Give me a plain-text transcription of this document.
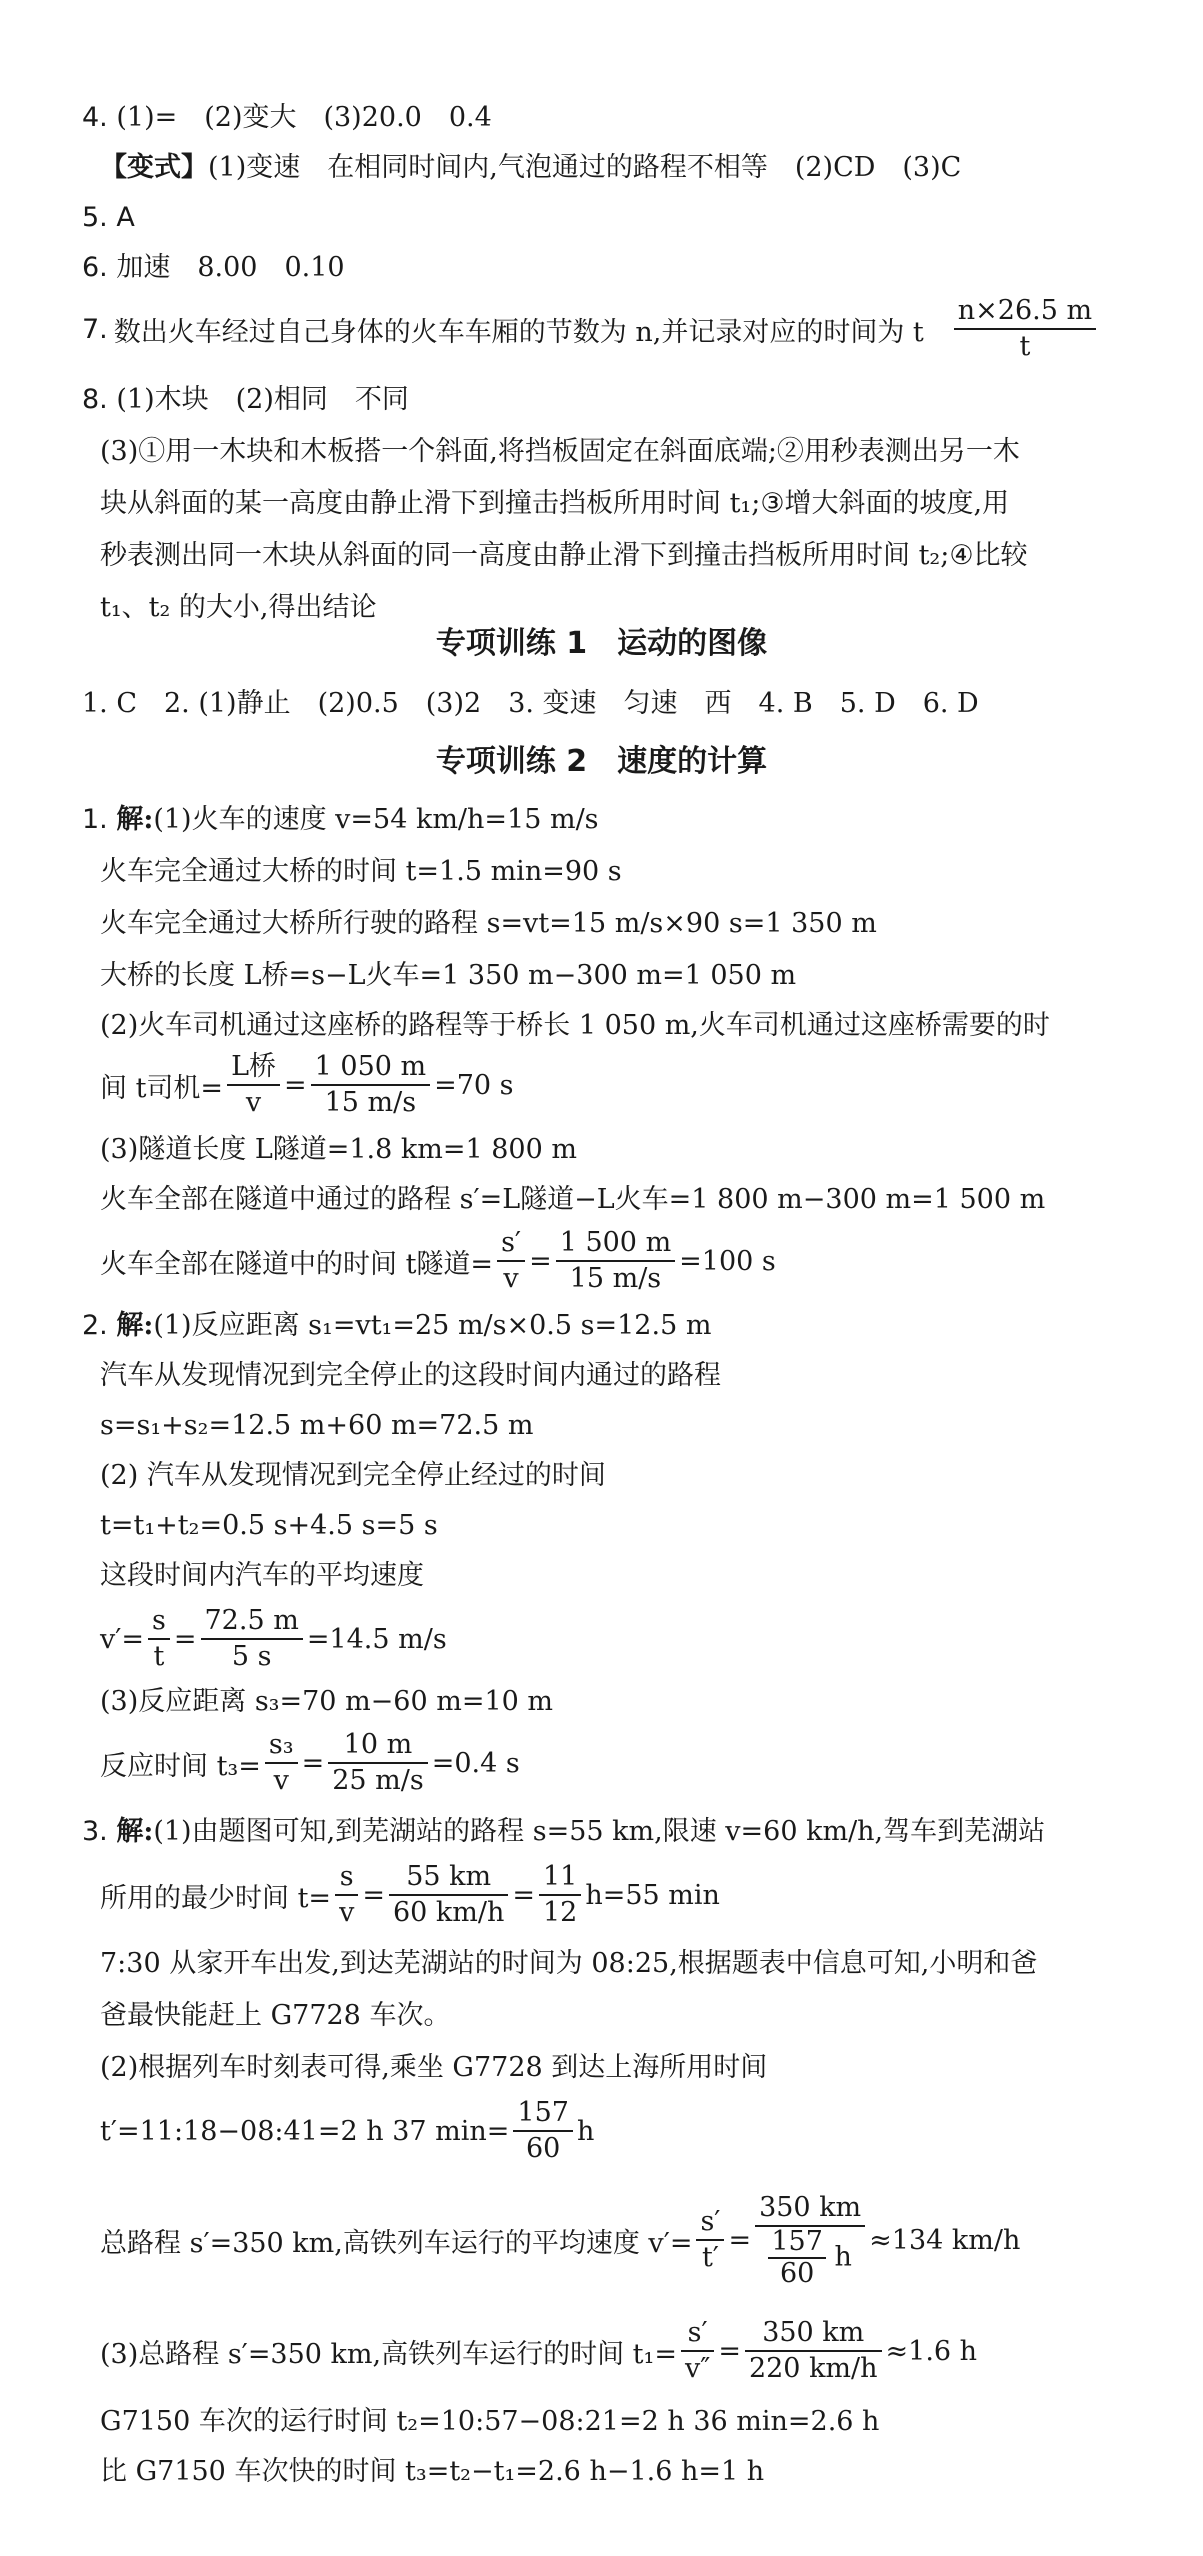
4. (1)=　(2)变大　(3)20.0　0.4
【变式】(1)变速　在相同时间内,气泡通过的路程不相等　(2)CD　(3)C
5. A
6. 加速　8.00　0.10
7. 数出火车经过自己身体的火车车厢的节数为 n,并记录对应的时间为 t $\frac{n\times 26.5 m}{t}$
8. (1)木块　(2)相同　不同
(3)①用一木块和木板搭一个斜面,将挡板固定在斜面底端;②用秒表测出另一木
块从斜面的某一高度由静止滑下到撞击挡板所用时间 t₁;③增大斜面的坡度,用
秒表测出同一木块从斜面的同一高度由静止滑下到撞击挡板所用时间 t₂;④比较
t₁、t₂ 的大小,得出结论
专项训练 1　运动的图像
1. C　2. (1)静止　(2)0.5　(3)2　3. 变速　匀速　西　4. B　5. D　6. D
专项训练 2　速度的计算
1. 解:(1)火车的速度 v=54 km/h=15 m/s
火车完全通过大桥的时间 t=1.5 min=90 s
火车完全通过大桥所行驶的路程 s=vt=15 m/s×90 s=1 350 m
大桥的长度 L桥=s−L火车=1 350 m−300 m=1 050 m
(2)火车司机通过这座桥的路程等于桥长 1 050 m,火车司机通过这座桥需要的时
间 t司机= $\frac{\text{L桥}}{v} = \frac{1 050 m}{15 m/s} =70$ s
(3)隧道长度 L隧道=1.8 km=1 800 m
火车全部在隧道中通过的路程 s′=L隧道−L火车=1 800 m−300 m=1 500 m
火车全部在隧道中的时间 t隧道= $\frac{s'}{v} = \frac{1 500 m}{15 m/s} =100$ s
2. 解:(1)反应距离 s₁=vt₁=25 m/s×0.5 s=12.5 m
汽车从发现情况到完全停止的这段时间内通过的路程
s=s₁+s₂=12.5 m+60 m=72.5 m
(2) 汽车从发现情况到完全停止经过的时间
t=t₁+t₂=0.5 s+4.5 s=5 s
这段时间内汽车的平均速度
$v'= \frac{s}{t} = \frac{72.5 m}{5 s} =14.5$ m/s
(3)反应距离 s₃=70 m−60 m=10 m
反应时间 $t_3= \frac{\text{s₃}}{v} = \frac{10 m}{25 m/s} =0.4$ s
3. 解:(1)由题图可知,到芜湖站的路程 s=55 km,限速 v=60 km/h,驾车到芜湖站
所用的最少时间 $t= \frac{s}{v} = \frac{55 km}{60 km/h} = \frac{11}{12} h=55$ min
7:30 从家开车出发,到达芜湖站的时间为 08:25,根据题表中信息可知,小明和爸
爸最快能赶上 G7728 车次。
(2)根据列车时刻表可得,乘坐 G7728 到达上海所用时间
t′=11:18−08:41=2 h 37 $\min= \frac{157}{60}$ h
总路程 s′=350 km,高铁列车运行的平均速度 $v'= \frac{s'}{t'} = \frac{350 km}{\frac{157}{60} h} \approx 134$ km/h
(3)总路程 s′=350 km,高铁列车运行的时间 $t_1= \frac{s'}{v''} = \frac{350 km}{220 km/h} \approx 1.6$ h
G7150 车次的运行时间 t₂=10:57−08:21=2 h 36 min=2.6 h
比 G7150 车次快的时间 t₃=t₂−t₁=2.6 h−1.6 h=1 h
